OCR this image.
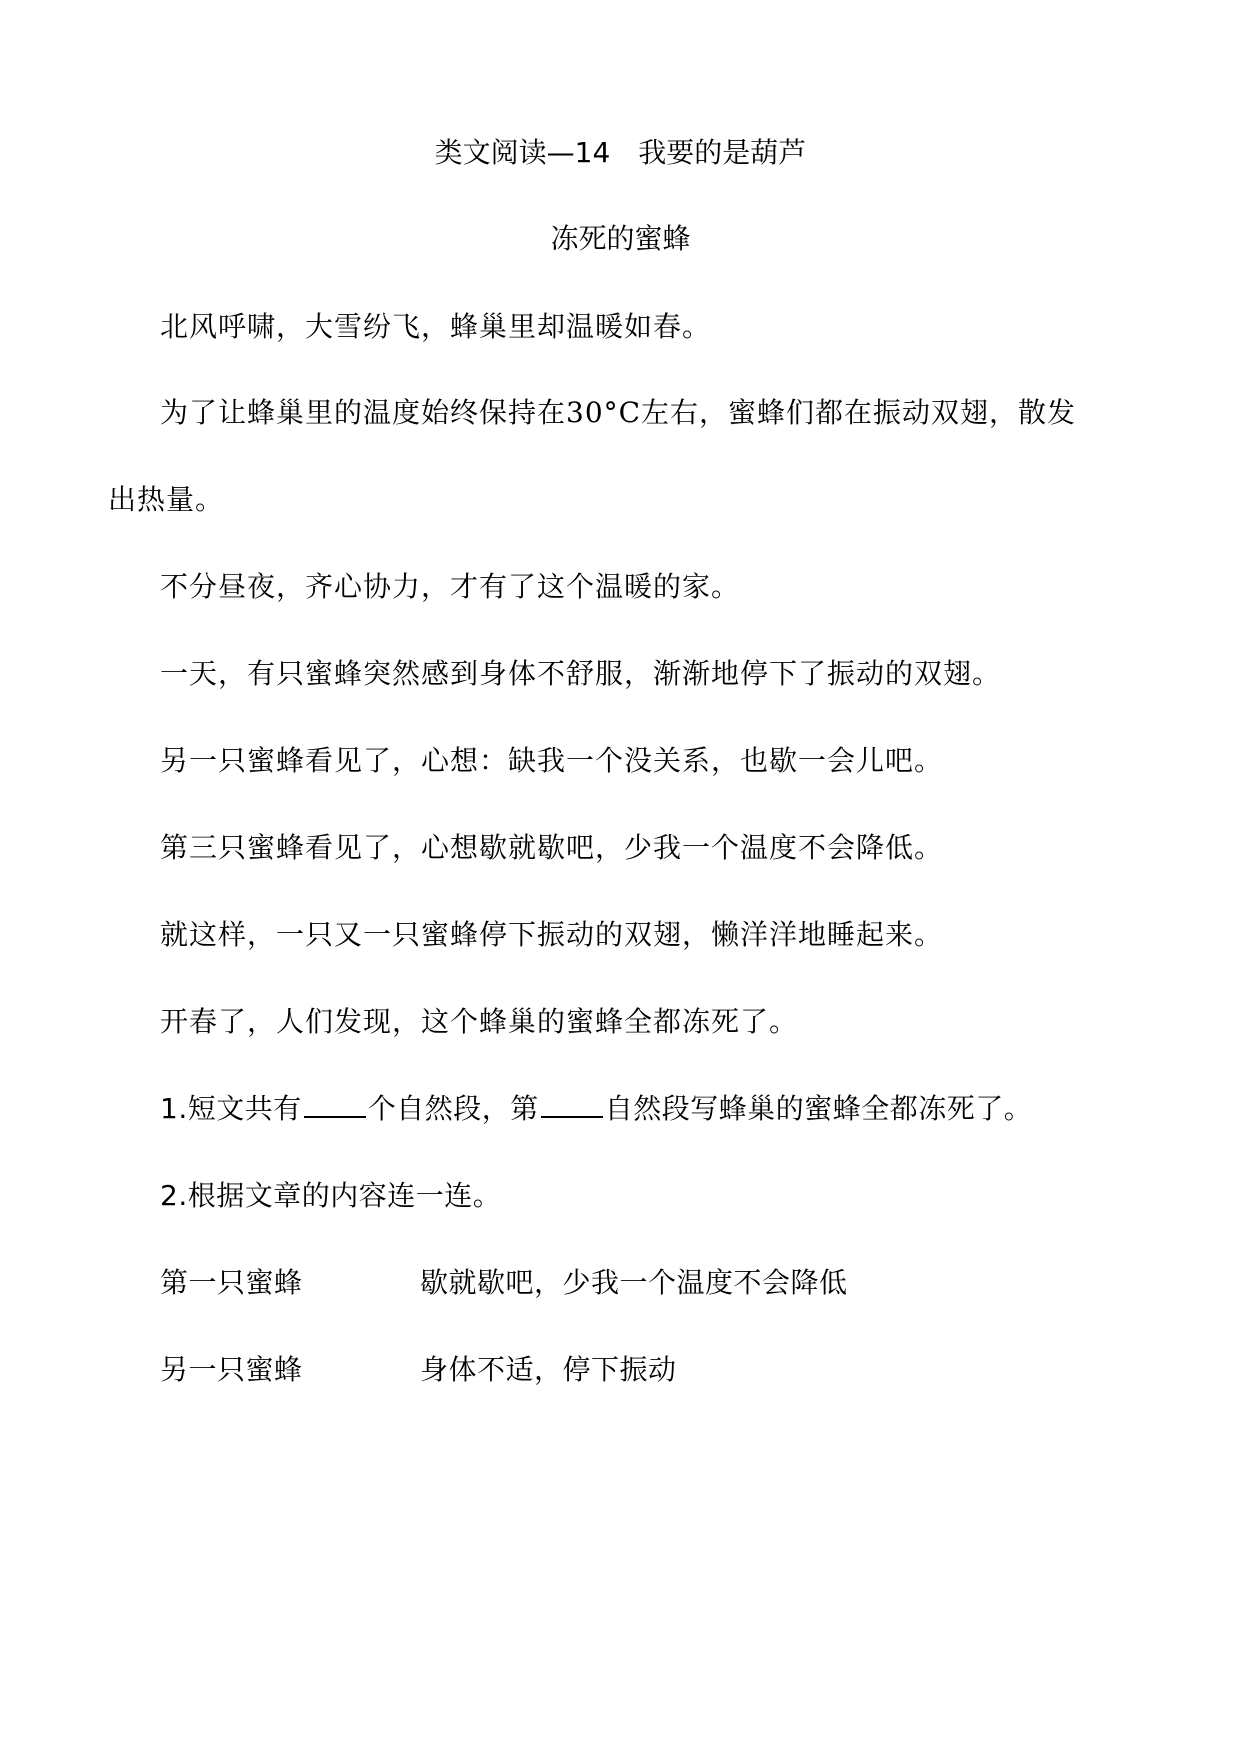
类文阅读—14　我要的是葫芦
冻死的蜜蜂
北风呼啸，大雪纷飞，蜂巢里却温暖如春。
为了让蜂巢里的温度始终保持在30°C左右，蜜蜂们都在振动双翅，散发
出热量。
不分昼夜，齐心协力，才有了这个温暖的家。
一天，有只蜜蜂突然感到身体不舒服，渐渐地停下了振动的双翅。
另一只蜜蜂看见了，心想：缺我一个没关系，也歇一会儿吧。
第三只蜜蜂看见了，心想歇就歇吧，少我一个温度不会降低。
就这样，一只又一只蜜蜂停下振动的双翅，懒洋洋地睡起来。
开春了，人们发现，这个蜂巢的蜜蜂全都冻死了。
1.短文共有 个自然段，第 自然段写蜂巢的蜜蜂全都冻死了。
2.根据文章的内容连一连。
第一只蜜蜂	歇就歇吧，少我一个温度不会降低
另一只蜜蜂	身体不适，停下振动
